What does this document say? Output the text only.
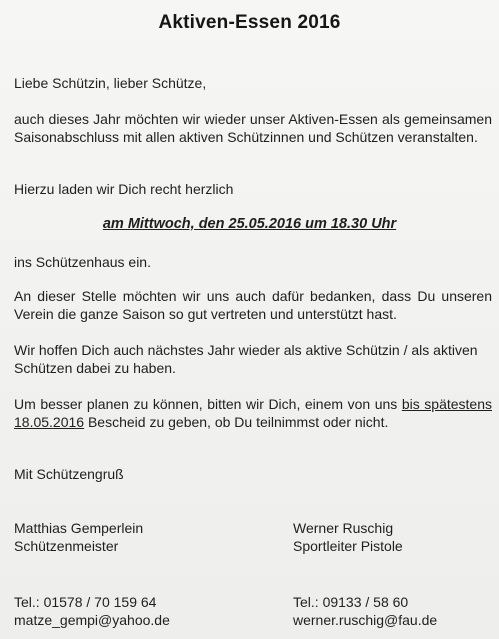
Aktiven-Essen 2016
Liebe Schützin, lieber Schütze,
auch dieses Jahr möchten wir wieder unser Aktiven-Essen als gemeinsamen Saisonabschluss mit allen aktiven Schützinnen und Schützen veranstalten.
Hierzu laden wir Dich recht herzlich
am Mittwoch, den 25.05.2016 um 18.30 Uhr
ins Schützenhaus ein.
An dieser Stelle möchten wir uns auch dafür bedanken, dass Du unseren Verein die ganze Saison so gut vertreten und unterstützt hast.
Wir hoffen Dich auch nächstes Jahr wieder als aktive Schützin / als aktiven Schützen dabei zu haben.
Um besser planen zu können, bitten wir Dich, einem von uns bis spätestens 18.05.2016 Bescheid zu geben, ob Du teilnimmst oder nicht.
Mit Schützengruß
Matthias Gemperlein
Schützenmeister
Tel.: 01578 / 70 159 64
matze_gempi@yahoo.de
Werner Ruschig
Sportleiter Pistole
Tel.: 09133 / 58 60
werner.ruschig@fau.de
